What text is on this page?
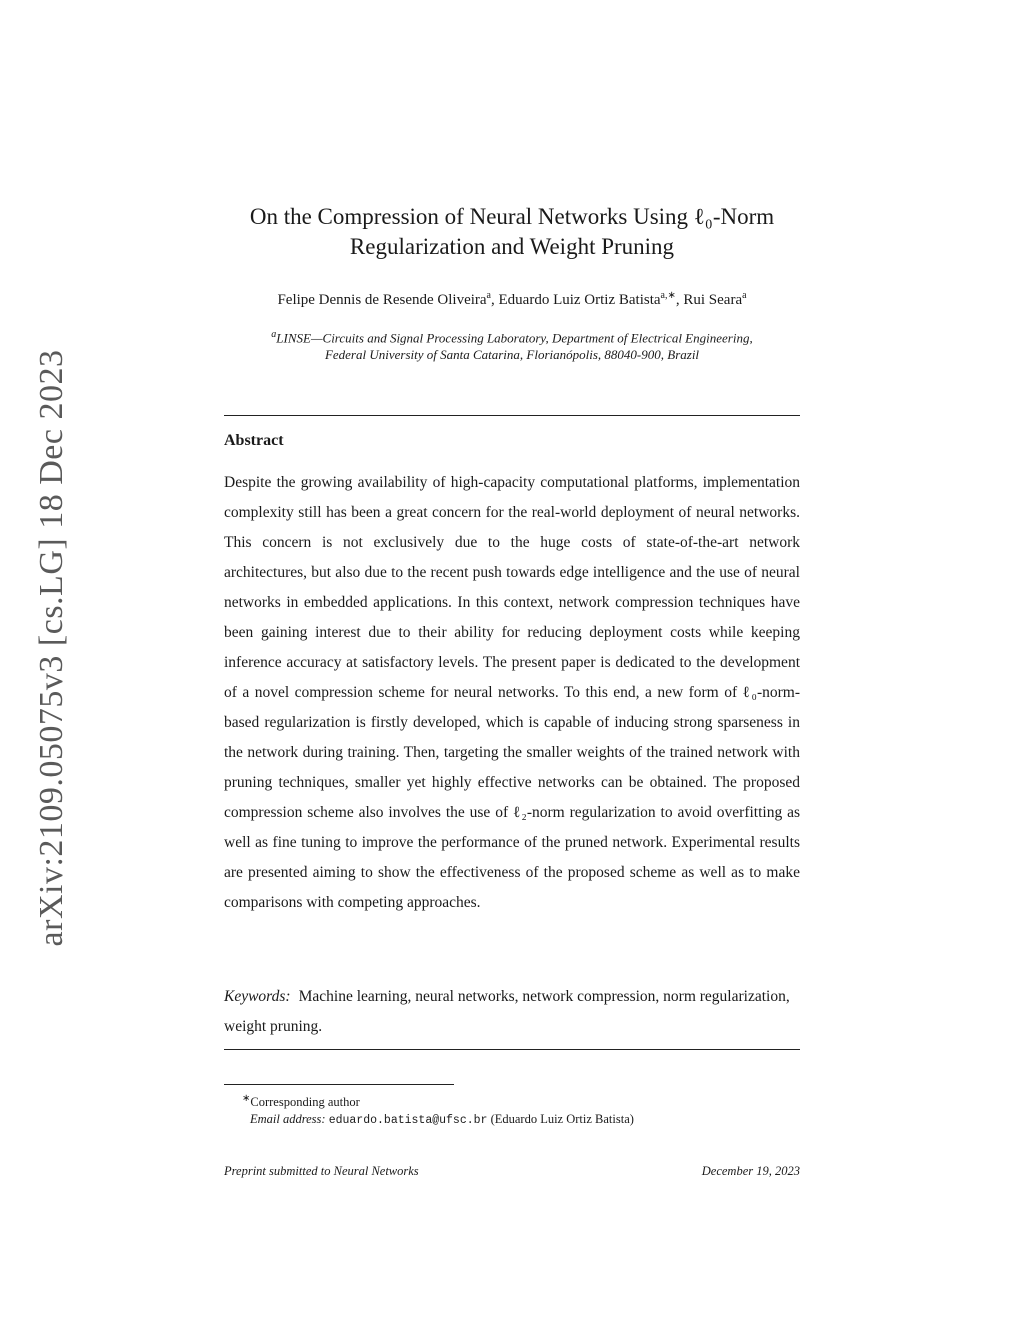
arXiv:2109.05075v3 [cs.LG] 18 Dec 2023
On the Compression of Neural Networks Using ℓ₀-Norm
Regularization and Weight Pruning
Felipe Dennis de Resende Oliveira$^a$, Eduardo Luiz Ortiz Batista$^{a,∗}$, Rui Seara$^a$
$^a$LINSE—Circuits and Signal Processing Laboratory, Department of Electrical Engineering,
Federal University of Santa Catarina, Florianópolis, 88040-900, Brazil
Abstract
Despite the growing availability of high-capacity computational platforms, implementation complexity still has been a great concern for the real-world deployment of neural networks. This concern is not exclusively due to the huge costs of state-of-the-art network architectures, but also due to the recent push towards edge intelligence and the use of neural networks in embedded applications. In this context, network compression techniques have been gaining interest due to their ability for reducing deployment costs while keeping inference accuracy at satisfactory levels. The present paper is dedicated to the development of a novel compression scheme for neural networks. To this end, a new form of ℓ₀-norm-based regularization is firstly developed, which is capable of inducing strong sparseness in the network during training. Then, targeting the smaller weights of the trained network with pruning techniques, smaller yet highly effective networks can be obtained. The proposed compression scheme also involves the use of ℓ₂-norm regularization to avoid overfitting as well as fine tuning to improve the performance of the pruned network. Experimental results are presented aiming to show the effectiveness of the proposed scheme as well as to make comparisons with competing approaches.
Keywords: Machine learning, neural networks, network compression, norm regularization, weight pruning.
∗Corresponding author
Email address: eduardo.batista@ufsc.br (Eduardo Luiz Ortiz Batista)
Preprint submitted to Neural Networks	December 19, 2023
